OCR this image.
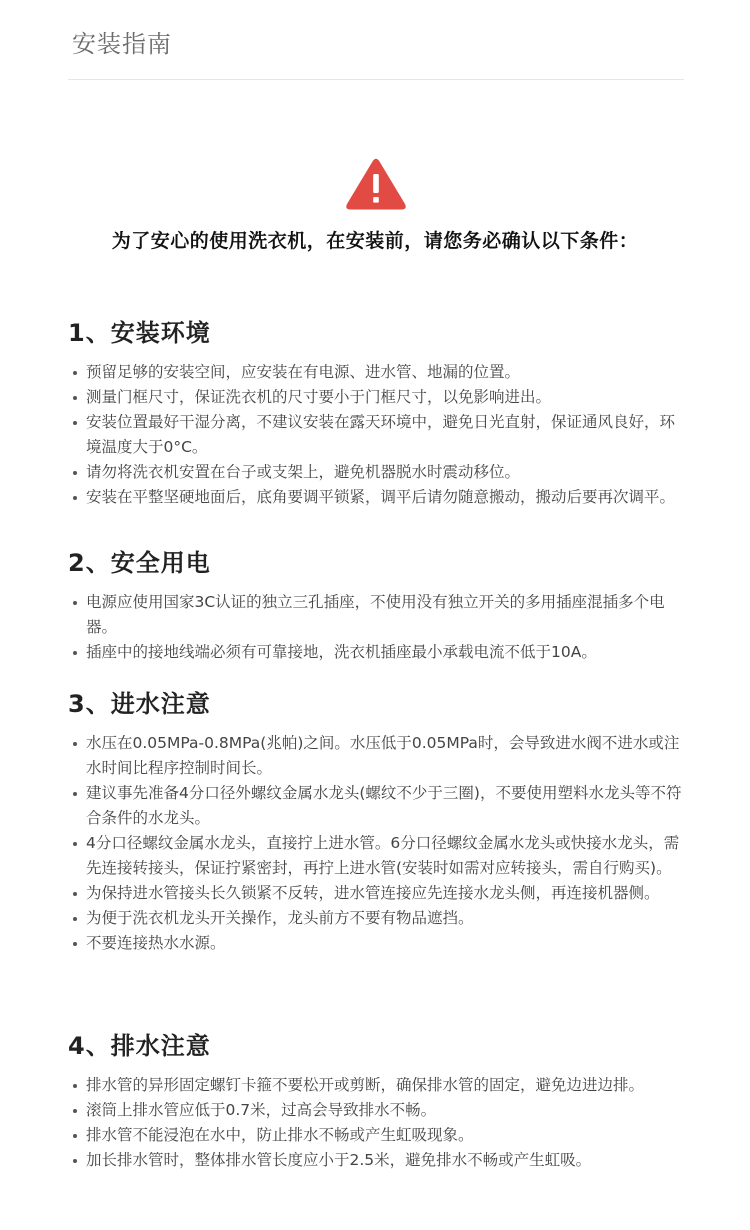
安装指南
为了安心的使用洗衣机，在安装前，请您务必确认以下条件：
1、安装环境
预留足够的安装空间，应安装在有电源、进水管、地漏的位置。
测量门框尺寸，保证洗衣机的尺寸要小于门框尺寸，以免影响进出。
安装位置最好干湿分离，不建议安装在露天环境中，避免日光直射，保证通风良好，环境温度大于0°C。
请勿将洗衣机安置在台子或支架上，避免机器脱水时震动移位。
安装在平整坚硬地面后，底角要调平锁紧，调平后请勿随意搬动，搬动后要再次调平。
2、安全用电
电源应使用国家3C认证的独立三孔插座，不使用没有独立开关的多用插座混插多个电器。
插座中的接地线端必须有可靠接地，洗衣机插座最小承载电流不低于10A。
3、进水注意
水压在0.05MPa-0.8MPa(兆帕)之间。水压低于0.05MPa时，会导致进水阀不进水或注水时间比程序控制时间长。
建议事先准备4分口径外螺纹金属水龙头(螺纹不少于三圈)，不要使用塑料水龙头等不符合条件的水龙头。
4分口径螺纹金属水龙头，直接拧上进水管。6分口径螺纹金属水龙头或快接水龙头，需先连接转接头，保证拧紧密封，再拧上进水管(安装时如需对应转接头，需自行购买)。
为保持进水管接头长久锁紧不反转，进水管连接应先连接水龙头侧，再连接机器侧。
为便于洗衣机龙头开关操作，龙头前方不要有物品遮挡。
不要连接热水水源。
4、排水注意
排水管的异形固定螺钉卡箍不要松开或剪断，确保排水管的固定，避免边进边排。
滚筒上排水管应低于0.7米，过高会导致排水不畅。
排水管不能浸泡在水中，防止排水不畅或产生虹吸现象。
加长排水管时，整体排水管长度应小于2.5米，避免排水不畅或产生虹吸。
